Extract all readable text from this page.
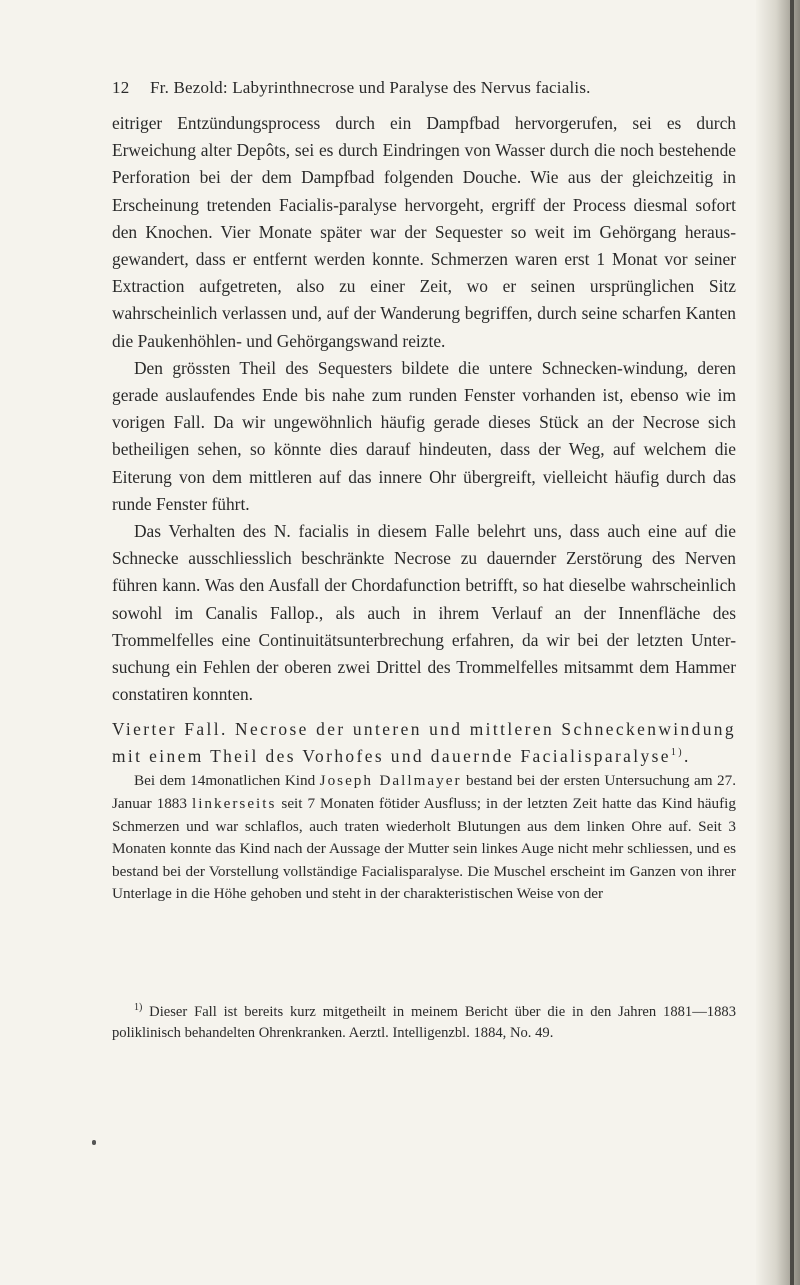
12 Fr. Bezold: Labyrinthnecrose und Paralyse des Nervus facialis.

eitriger Entzündungsprocess durch ein Dampfbad hervorgerufen, sei es durch Erweichung alter Depôts, sei es durch Eindringen von Wasser durch die noch bestehende Perforation bei der dem Dampfbad folgenden Douche. Wie aus der gleichzeitig in Erscheinung tretenden Facialis-paralyse hervorgeht, ergriff der Process diesmal sofort den Knochen. Vier Monate später war der Sequester so weit im Gehörgang heraus-gewandert, dass er entfernt werden konnte. Schmerzen waren erst 1 Monat vor seiner Extraction aufgetreten, also zu einer Zeit, wo er seinen ursprünglichen Sitz wahrscheinlich verlassen und, auf der Wanderung begriffen, durch seine scharfen Kanten die Paukenhöhlen- und Gehörgangswand reizte.

Den grössten Theil des Sequesters bildete die untere Schnecken-windung, deren gerade auslaufendes Ende bis nahe zum runden Fenster vorhanden ist, ebenso wie im vorigen Fall. Da wir ungewöhnlich häufig gerade dieses Stück an der Necrose sich betheiligen sehen, so könnte dies darauf hindeuten, dass der Weg, auf welchem die Eiterung von dem mittleren auf das innere Ohr übergreift, vielleicht häufig durch das runde Fenster führt.

Das Verhalten des N. facialis in diesem Falle belehrt uns, dass auch eine auf die Schnecke ausschliesslich beschränkte Necrose zu dauernder Zerstörung des Nerven führen kann. Was den Ausfall der Chordafunction betrifft, so hat dieselbe wahrscheinlich sowohl im Canalis Fallop., als auch in ihrem Verlauf an der Innenfläche des Trommelfelles eine Continuitätsunterbrechung erfahren, da wir bei der letzten Unter-suchung ein Fehlen der oberen zwei Drittel des Trommelfelles mitsammt dem Hammer constatiren konnten.

Vierter Fall. Necrose der unteren und mittleren Schneckenwindung mit einem Theil des Vorhofes und dauernde Facialisparalyse$^{1)}$.

Bei dem 14monatlichen Kind Joseph Dallmayer bestand bei der ersten Untersuchung am 27. Januar 1883 linkerseits seit 7 Monaten fötider Ausfluss; in der letzten Zeit hatte das Kind häufig Schmerzen und war schlaflos, auch traten wiederholt Blutungen aus dem linken Ohre auf. Seit 3 Monaten konnte das Kind nach der Aussage der Mutter sein linkes Auge nicht mehr schliessen, und es bestand bei der Vorstellung vollständige Facialisparalyse. Die Muschel erscheint im Ganzen von ihrer Unterlage in die Höhe gehoben und steht in der charakteristischen Weise von der

$^{1)}$ Dieser Fall ist bereits kurz mitgetheilt in meinem Bericht über die in den Jahren 1881—1883 poliklinisch behandelten Ohrenkranken. Aerztl. Intelligenzbl. 1884, No. 49.
